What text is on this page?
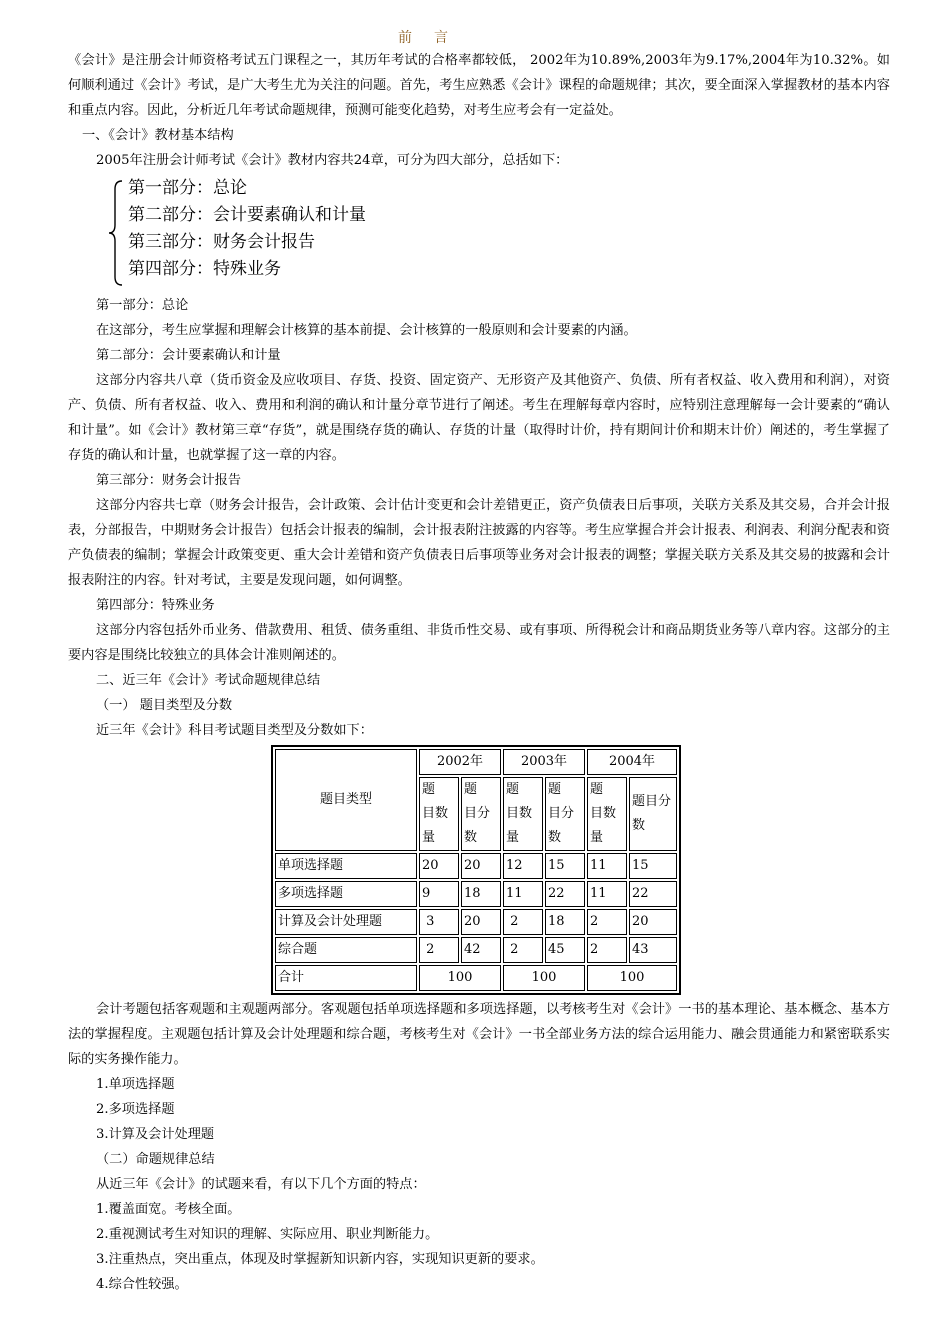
前言

《会计》是注册会计师资格考试五门课程之一，其历年考试的合格率都较低， 2002年为10.89%,2003年为9.17%,2004年为10.32%。如何顺利通过《会计》考试，是广大考生尤为关注的问题。首先，考生应熟悉《会计》课程的命题规律；其次，要全面深入掌握教材的基本内容和重点内容。因此，分析近几年考试命题规律，预测可能变化趋势，对考生应考会有一定益处。

一、《会计》教材基本结构

2005年注册会计师考试《会计》教材内容共24章，可分为四大部分，总括如下：

第一部分：总论
第二部分：会计要素确认和计量
第三部分：财务会计报告
第四部分：特殊业务

第一部分：总论

在这部分，考生应掌握和理解会计核算的基本前提、会计核算的一般原则和会计要素的内涵。

第二部分：会计要素确认和计量

这部分内容共八章（货币资金及应收项目、存货、投资、固定资产、无形资产及其他资产、负债、所有者权益、收入费用和利润），对资产、负债、所有者权益、收入、费用和利润的确认和计量分章节进行了阐述。考生在理解每章内容时，应特别注意理解每一会计要素的“确认和计量”。如《会计》教材第三章“存货”，就是围绕存货的确认、存货的计量（取得时计价，持有期间计价和期末计价）阐述的，考生掌握了存货的确认和计量，也就掌握了这一章的内容。

第三部分：财务会计报告

这部分内容共七章（财务会计报告，会计政策、会计估计变更和会计差错更正，资产负债表日后事项，关联方关系及其交易，合并会计报表，分部报告，中期财务会计报告）包括会计报表的编制，会计报表附注披露的内容等。考生应掌握合并会计报表、利润表、利润分配表和资产负债表的编制；掌握会计政策变更、重大会计差错和资产负债表日后事项等业务对会计报表的调整；掌握关联方关系及其交易的披露和会计报表附注的内容。针对考试，主要是发现问题，如何调整。

第四部分：特殊业务

这部分内容包括外币业务、借款费用、租赁、债务重组、非货币性交易、或有事项、所得税会计和商品期货业务等八章内容。这部分的主要内容是围绕比较独立的具体会计准则阐述的。

二、近三年《会计》考试命题规律总结

（一） 题目类型及分数

近三年《会计》科目考试题目类型及分数如下：

题目类型	2002年		2003年		2004年	
	题　目数量	题　目分数	题　目数量	题　目分数	题　目数量	题目分数
单项选择题	20	20	12	15	11	15
多项选择题	9	18	11	22	11	22
计算及会计处理题	3	20	2	18	2	20
综合题	2	42	2	45	2	43
合计	100		100		100	

会计考题包括客观题和主观题两部分。客观题包括单项选择题和多项选择题，以考核考生对《会计》一书的基本理论、基本概念、基本方法的掌握程度。主观题包括计算及会计处理题和综合题，考核考生对《会计》一书全部业务方法的综合运用能力、融会贯通能力和紧密联系实际的实务操作能力。

1.单项选择题

2.多项选择题

3.计算及会计处理题

（二）命题规律总结

从近三年《会计》的试题来看，有以下几个方面的特点：

1.覆盖面宽。考核全面。

2.重视测试考生对知识的理解、实际应用、职业判断能力。

3.注重热点，突出重点，体现及时掌握新知识新内容，实现知识更新的要求。

4.综合性较强。
